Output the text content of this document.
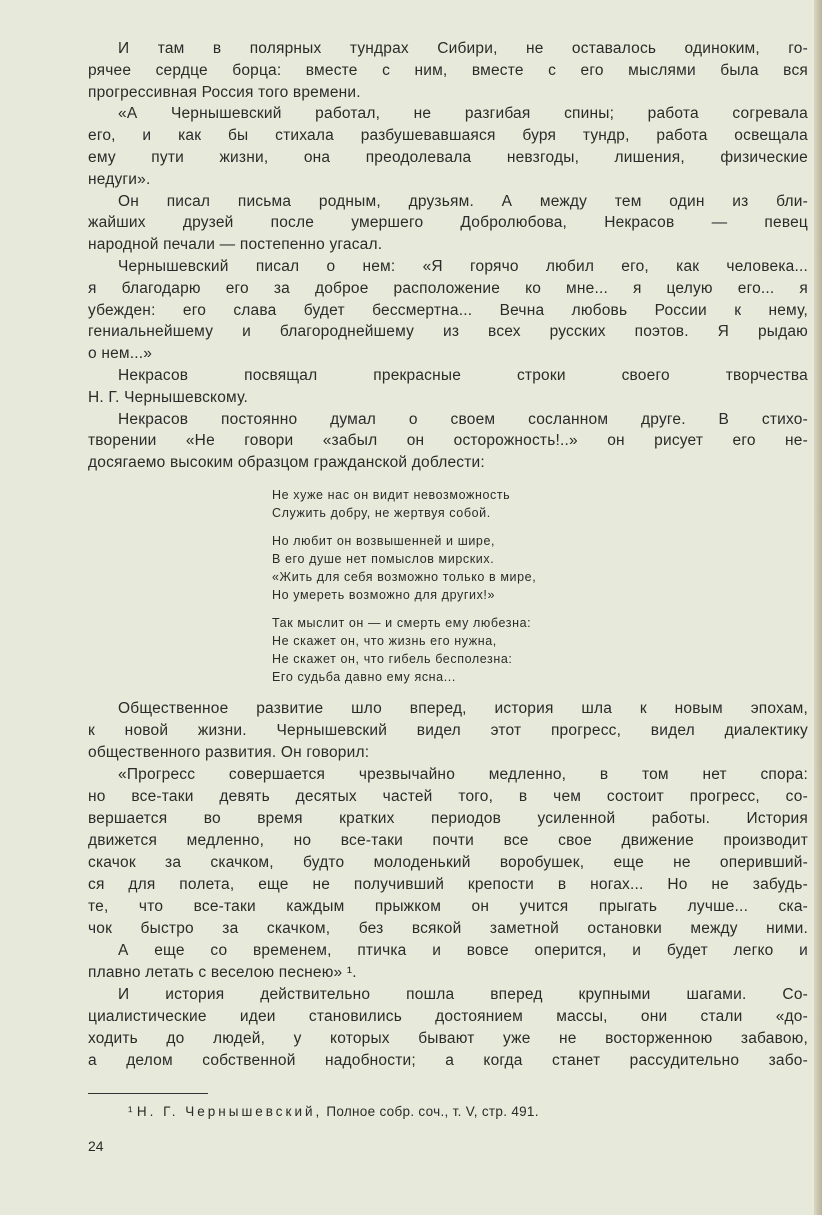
И там в полярных тундрах Сибири, не оставалось одиноким, го-
рячее сердце борца: вместе с ним, вместе с его мыслями была вся
прогрессивная Россия того времени.
«А Чернышевский работал, не разгибая спины; работа согревала
его, и как бы стихала разбушевавшаяся буря тундр, работа освещала
ему пути жизни, она преодолевала невзгоды, лишения, физические
недуги».
Он писал письма родным, друзьям. А между тем один из бли-
жайших друзей после умершего Добролюбова, Некрасов — певец
народной печали — постепенно угасал.
Чернышевский писал о нем: «Я горячо любил его, как человека...
я благодарю его за доброе расположение ко мне... я целую его... я
убежден: его слава будет бессмертна... Вечна любовь России к нему,
гениальнейшему и благороднейшему из всех русских поэтов. Я рыдаю
о нем...»
Некрасов посвящал прекрасные строки своего творчества
Н. Г. Чернышевскому.
Некрасов постоянно думал о своем сосланном друге. В стихо-
творении «Не говори «забыл он осторожность!..» он рисует его не-
досягаемо высоким образцом гражданской доблести:
Не хуже нас он видит невозможность
Служить добру, не жертвуя собой.
Но любит он возвышенней и шире,
В его душе нет помыслов мирских.
«Жить для себя возможно только в мире,
Но умереть возможно для других!»
Так мыслит он — и смерть ему любезна:
Не скажет он, что жизнь его нужна,
Не скажет он, что гибель бесполезна:
Его судьба давно ему ясна...
Общественное развитие шло вперед, история шла к новым эпохам,
к новой жизни. Чернышевский видел этот прогресс, видел диалектику
общественного развития. Он говорил:
«Прогресс совершается чрезвычайно медленно, в том нет спора:
но все-таки девять десятых частей того, в чем состоит прогресс, со-
вершается во время кратких периодов усиленной работы. История
движется медленно, но все-таки почти все свое движение производит
скачок за скачком, будто молоденький воробушек, еще не оперивший-
ся для полета, еще не получивший крепости в ногах... Но не забудь-
те, что все-таки каждым прыжком он учится прыгать лучше... ска-
чок быстро за скачком, без всякой заметной остановки между ними.
А еще со временем, птичка и вовсе оперится, и будет легко и
плавно летать с веселою песнею» ¹.
И история действительно пошла вперед крупными шагами. Со-
циалистические идеи становились достоянием массы, они стали «до-
ходить до людей, у которых бывают уже не восторженною забавою,
а делом собственной надобности; а когда станет рассудительно забо-
¹ Н. Г. Чернышевский, Полное собр. соч., т. V, стр. 491.
24
